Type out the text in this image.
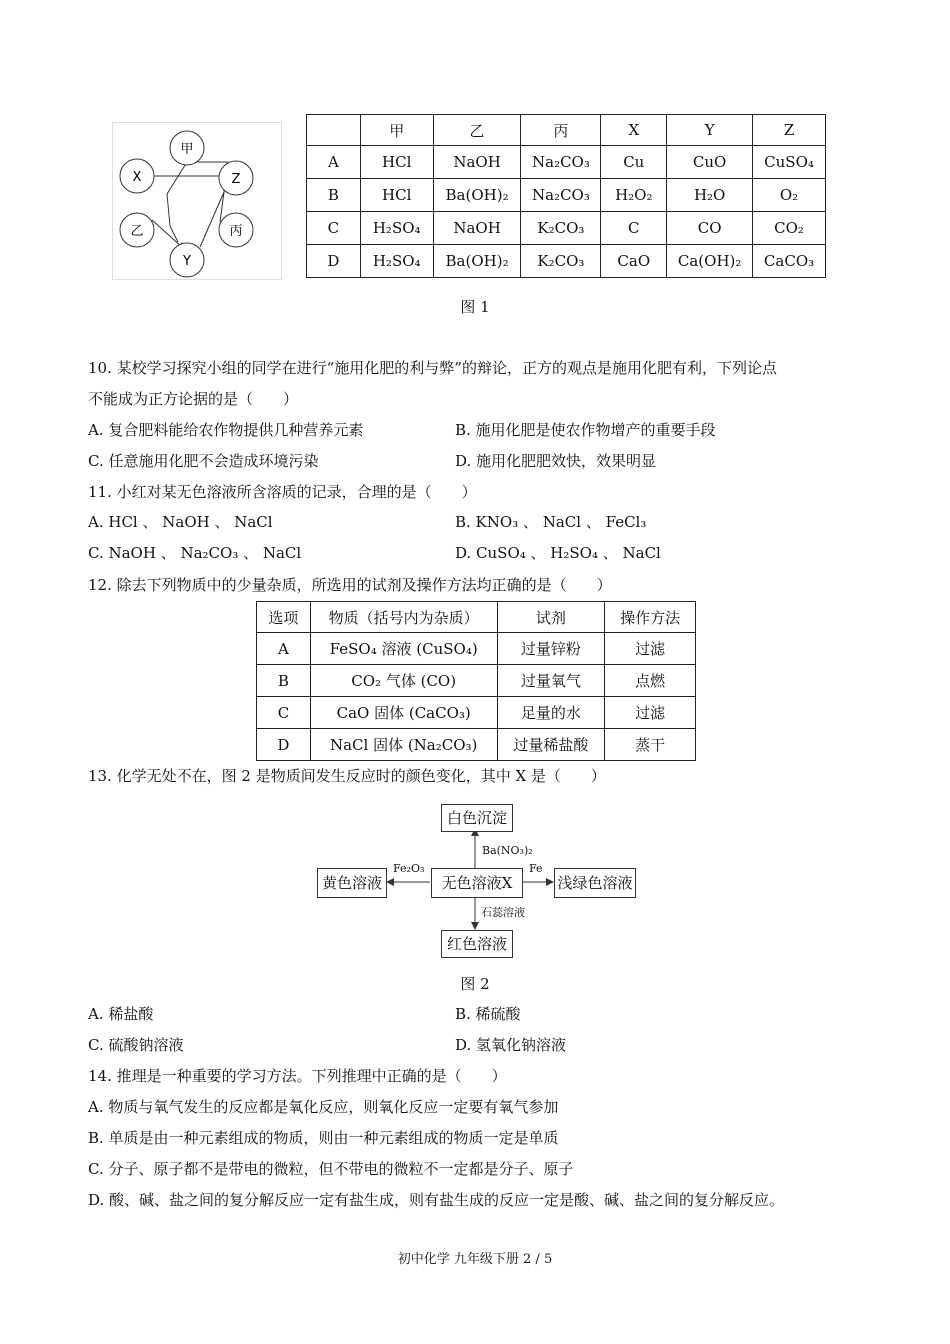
甲
Z
丙
Y
乙
X
	甲	乙	丙	X	Y	Z
A	HCl	NaOH	Na₂CO₃	Cu	CuO	CuSO₄
B	HCl	Ba(OH)₂	Na₂CO₃	H₂O₂	H₂O	O₂
C	H₂SO₄	NaOH	K₂CO₃	C	CO	CO₂
D	H₂SO₄	Ba(OH)₂	K₂CO₃	CaO	Ca(OH)₂	CaCO₃
图 1
10. 某校学习探究小组的同学在进行“施用化肥的利与弊”的辩论，正方的观点是施用化肥有利，下列论点
不能成为正方论据的是（　　）
A. 复合肥料能给农作物提供几种营养元素	B. 施用化肥是使农作物增产的重要手段
C. 任意施用化肥不会造成环境污染	D. 施用化肥肥效快，效果明显
11. 小红对某无色溶液所含溶质的记录，合理的是（　　）
A. HCl 、 NaOH 、 NaCl	B. KNO₃ 、 NaCl 、 FeCl₃
C. NaOH 、 Na₂CO₃ 、 NaCl	D. CuSO₄ 、 H₂SO₄ 、 NaCl
12. 除去下列物质中的少量杂质，所选用的试剂及操作方法均正确的是（　　）
选项	物质（括号内为杂质）	试剂	操作方法
A	FeSO₄ 溶液 (CuSO₄)	过量锌粉	过滤
B	CO₂ 气体 (CO)	过量氧气	点燃
C	CaO 固体 (CaCO₃)	足量的水	过滤
D	NaCl 固体 (Na₂CO₃)	过量稀盐酸	蒸干
13. 化学无处不在，图 2 是物质间发生反应时的颜色变化，其中 X 是（　　）
白色沉淀
黄色溶液	无色溶液X	浅绿色溶液
红色溶液
Ba(NO₃)₂
Fe₂O₃	Fe
石蕊溶液
图 2
A. 稀盐酸	B. 稀硫酸
C. 硫酸钠溶液	D. 氢氧化钠溶液
14. 推理是一种重要的学习方法。下列推理中正确的是（　　）
A. 物质与氧气发生的反应都是氧化反应，则氧化反应一定要有氧气参加
B. 单质是由一种元素组成的物质，则由一种元素组成的物质一定是单质
C. 分子、原子都不是带电的微粒，但不带电的微粒不一定都是分子、原子
D. 酸、碱、盐之间的复分解反应一定有盐生成，则有盐生成的反应一定是酸、碱、盐之间的复分解反应。
初中化学 九年级下册 2 / 5
